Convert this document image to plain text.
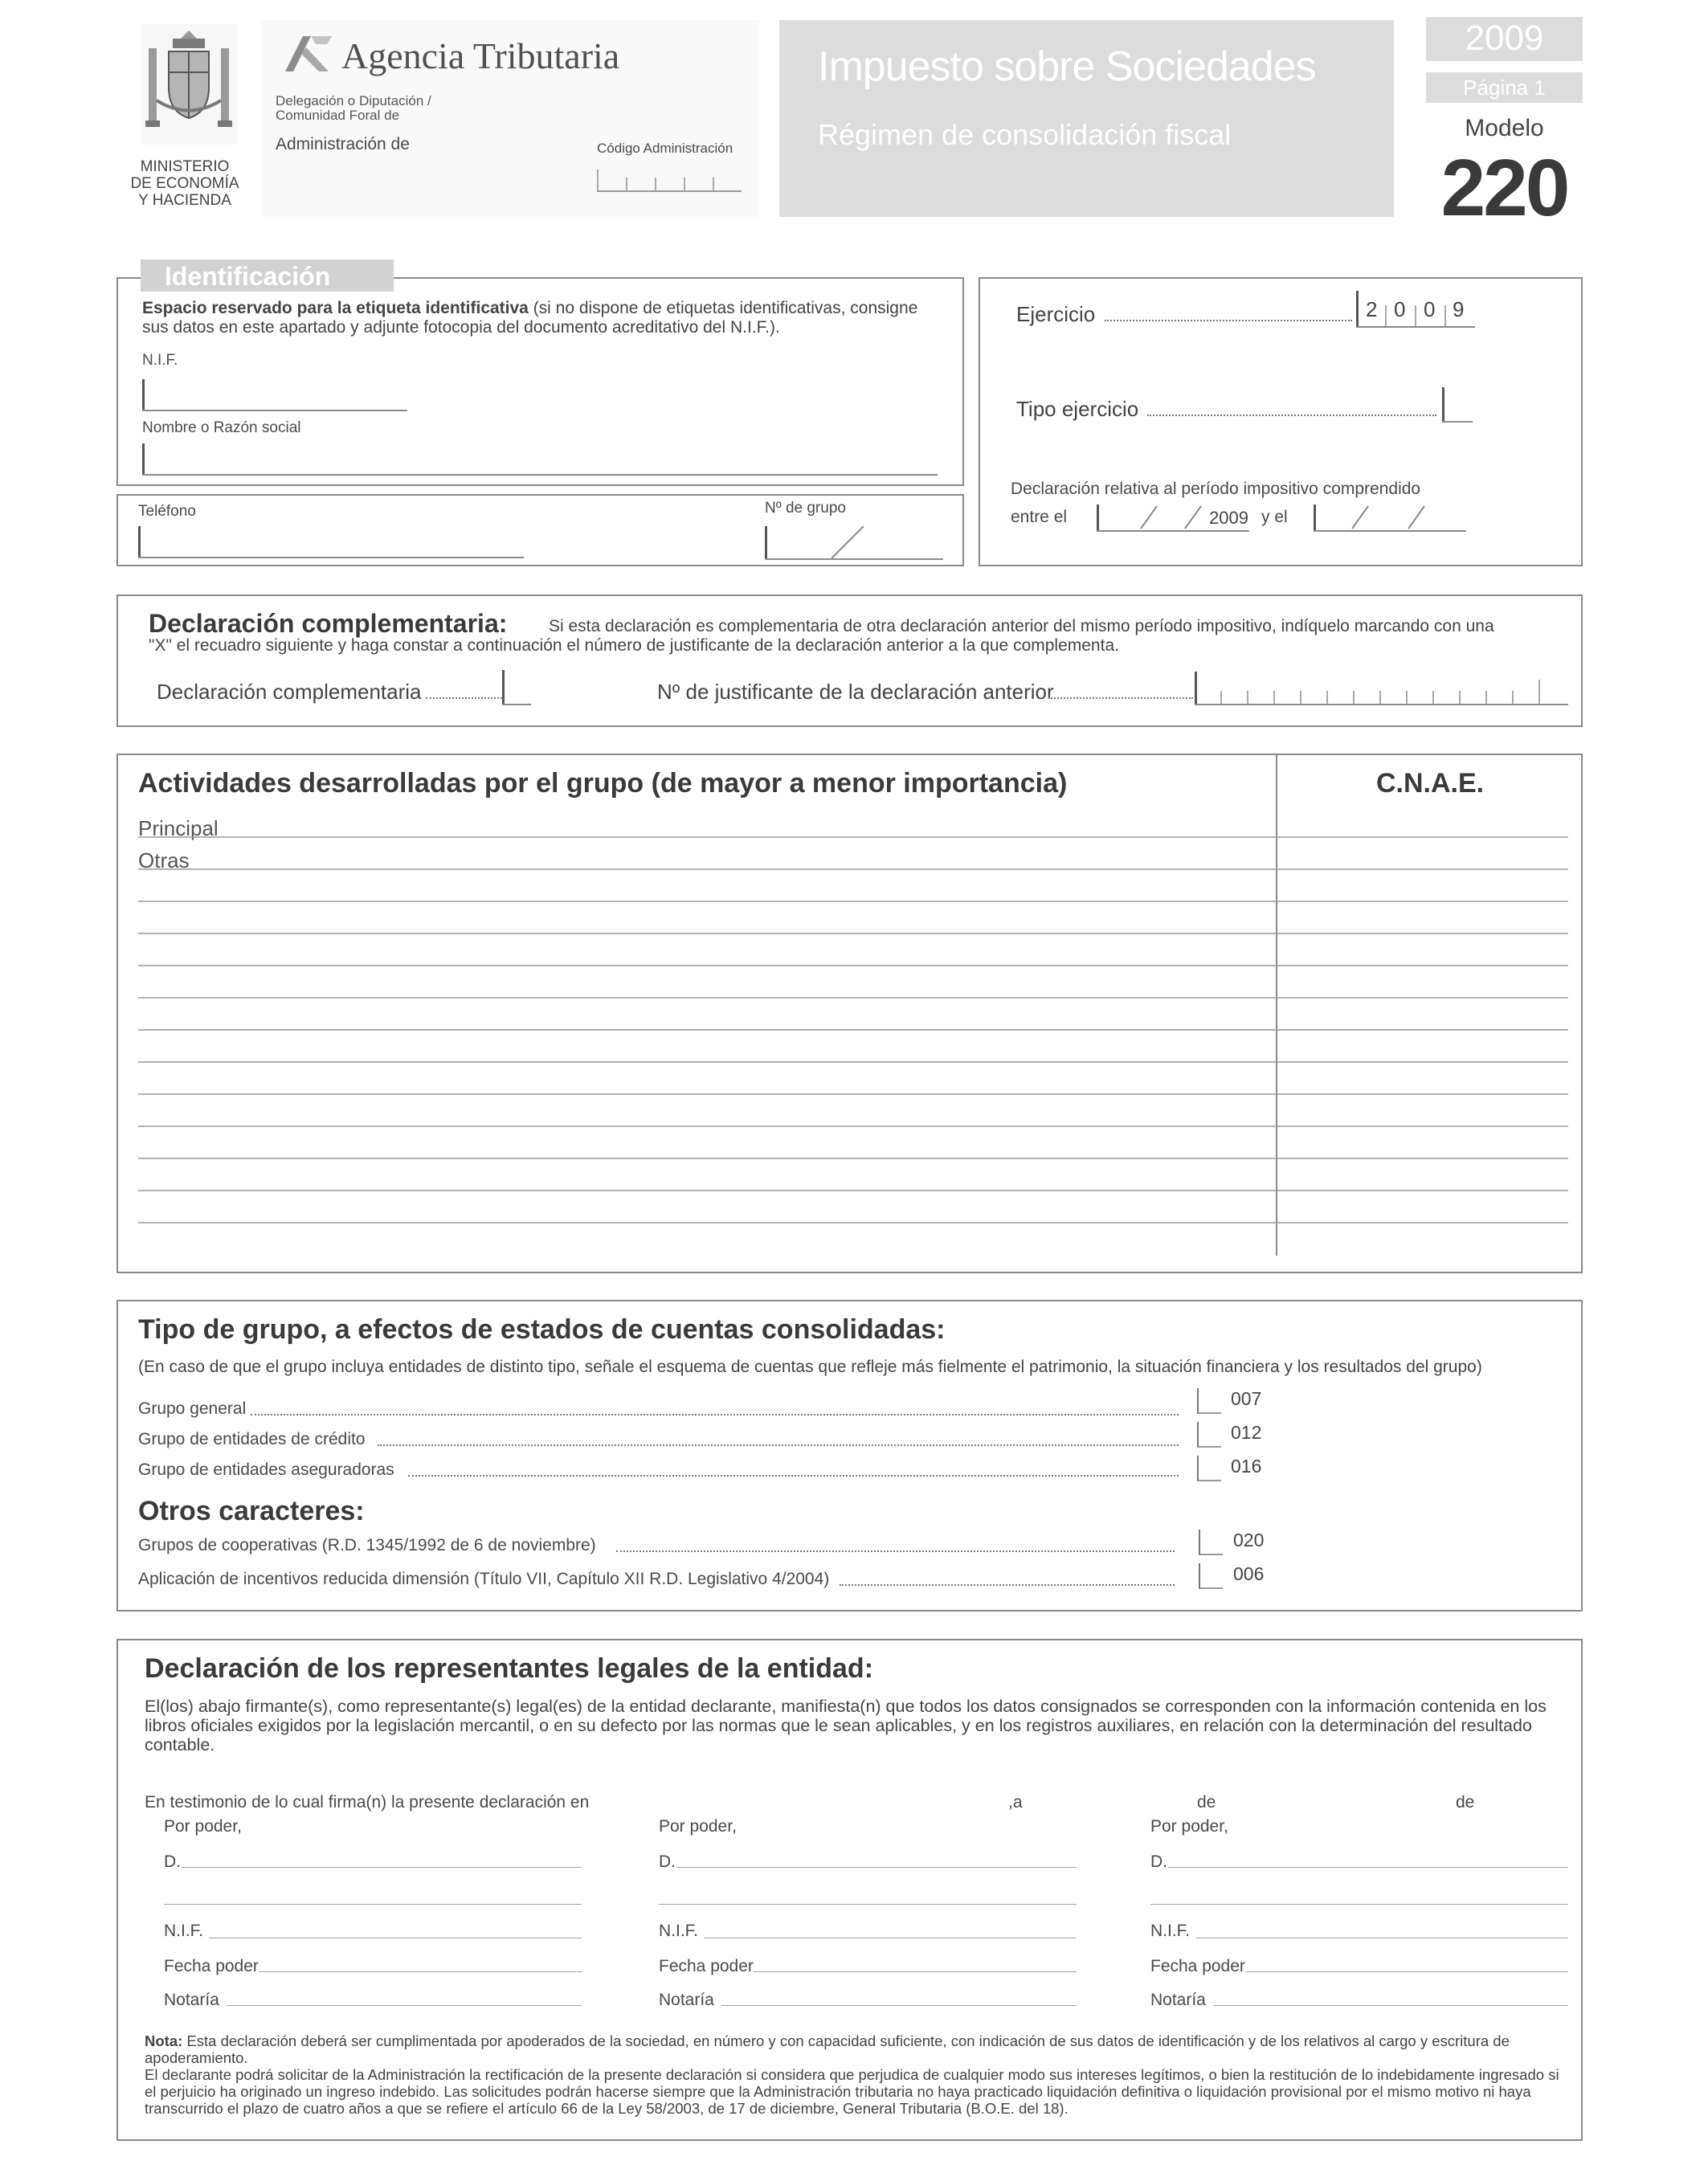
MINISTERIO
DE ECONOMÍA
Y HACIENDA
Agencia Tributaria
Delegación o Diputación /
Comunidad Foral de
Administración de	Código Administración
Impuesto sobre Sociedades
Régimen de consolidación fiscal
2009
Página 1
Modelo
220
Identificación
Espacio reservado para la etiqueta identificativa (si no dispone de etiquetas identificativas, consigne sus datos en este apartado y adjunte fotocopia del documento acreditativo del N.I.F.).
N.I.F.
Nombre o Razón social
Teléfono	Nº de grupo
Ejercicio	2 0 0 9
Tipo ejercicio
Declaración relativa al período impositivo comprendido
entre el	2009 y el
Declaración complementaria: Si esta declaración es complementaria de otra declaración anterior del mismo período impositivo, indíquelo marcando con una
"X" el recuadro siguiente y haga constar a continuación el número de justificante de la declaración anterior a la que complementa.
Declaración complementaria	Nº de justificante de la declaración anterior
Actividades desarrolladas por el grupo (de mayor a menor importancia)	C.N.A.E.
Principal
Otras
Tipo de grupo, a efectos de estados de cuentas consolidadas:
(En caso de que el grupo incluya entidades de distinto tipo, señale el esquema de cuentas que refleje más fielmente el patrimonio, la situación financiera y los resultados del grupo)
Grupo general	007
Grupo de entidades de crédito	012
Grupo de entidades aseguradoras	016
Otros caracteres:
Grupos de cooperativas (R.D. 1345/1992 de 6 de noviembre)	020
Aplicación de incentivos reducida dimensión (Título VII, Capítulo XII R.D. Legislativo 4/2004)	006
Declaración de los representantes legales de la entidad:
El(los) abajo firmante(s), como representante(s) legal(es) de la entidad declarante, manifiesta(n) que todos los datos consignados se corresponden con la información contenida en los libros oficiales exigidos por la legislación mercantil, o en su defecto por las normas que le sean aplicables, y en los registros auxiliares, en relación con la determinación del resultado contable.
En testimonio de lo cual firma(n) la presente declaración en	,a	de	de
Por poder,
D.
N.I.F.
Fecha poder
Notaría
Por poder,
D.
N.I.F.
Fecha poder
Notaría
Por poder,
D.
N.I.F.
Fecha poder
Notaría
Nota: Esta declaración deberá ser cumplimentada por apoderados de la sociedad, en número y con capacidad suficiente, con indicación de sus datos de identificación y de los relativos al cargo y escritura de apoderamiento.
El declarante podrá solicitar de la Administración la rectificación de la presente declaración si considera que perjudica de cualquier modo sus intereses legítimos, o bien la restitución de lo indebidamente ingresado si el perjuicio ha originado un ingreso indebido. Las solicitudes podrán hacerse siempre que la Administración tributaria no haya practicado liquidación definitiva o liquidación provisional por el mismo motivo ni haya transcurrido el plazo de cuatro años a que se refiere el artículo 66 de la Ley 58/2003, de 17 de diciembre, General Tributaria (B.O.E. del 18).
